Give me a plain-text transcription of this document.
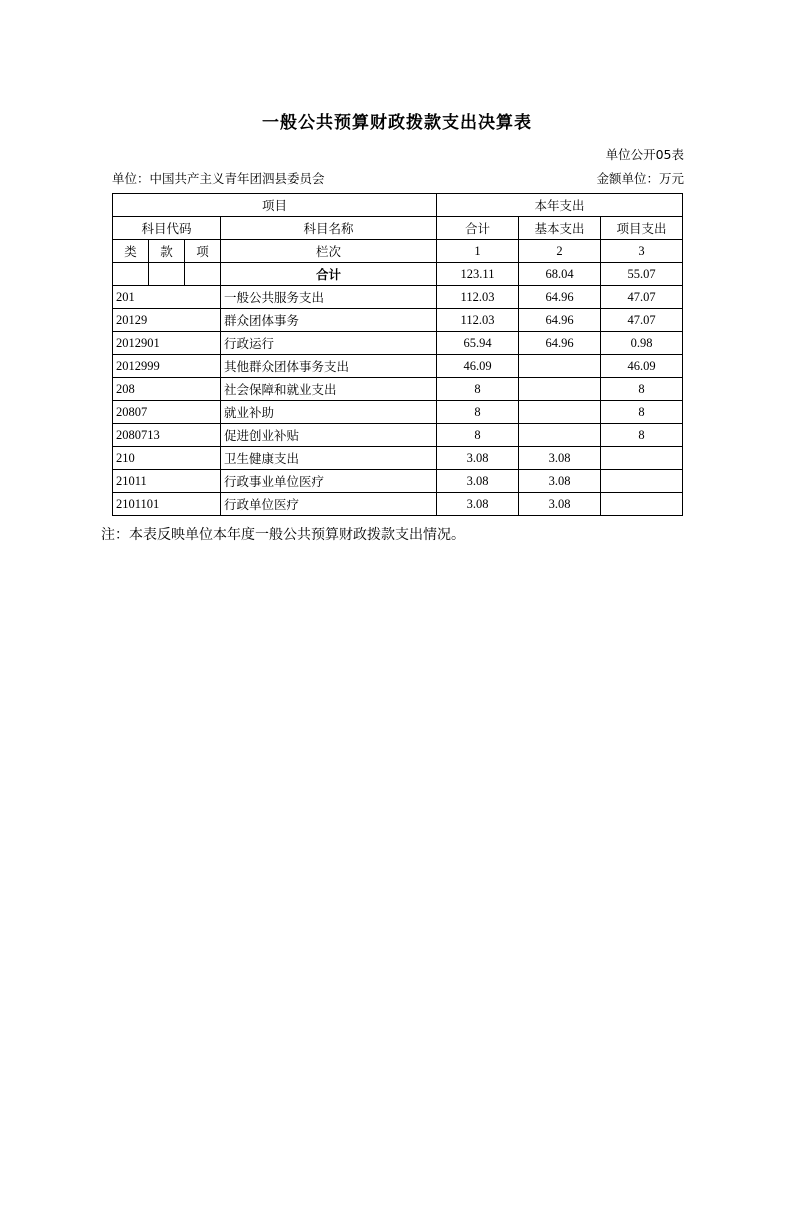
一般公共预算财政拨款支出决算表
单位公开05表
单位：中国共产主义青年团泗县委员会	金额单位：万元
项目				本年支出		
科目代码			科目名称	合计	基本支出	项目支出
类	款	项	栏次	1	2	3
			合计	123.11	68.04	55.07
201			一般公共服务支出	112.03	64.96	47.07
20129			群众团体事务	112.03	64.96	47.07
2012901			行政运行	65.94	64.96	0.98
2012999			其他群众团体事务支出	46.09		46.09
208			社会保障和就业支出	8		8
20807			就业补助	8		8
2080713			促进创业补贴	8		8
210			卫生健康支出	3.08	3.08	
21011			行政事业单位医疗	3.08	3.08	
2101101			行政单位医疗	3.08	3.08	
注：本表反映单位本年度一般公共预算财政拨款支出情况。
